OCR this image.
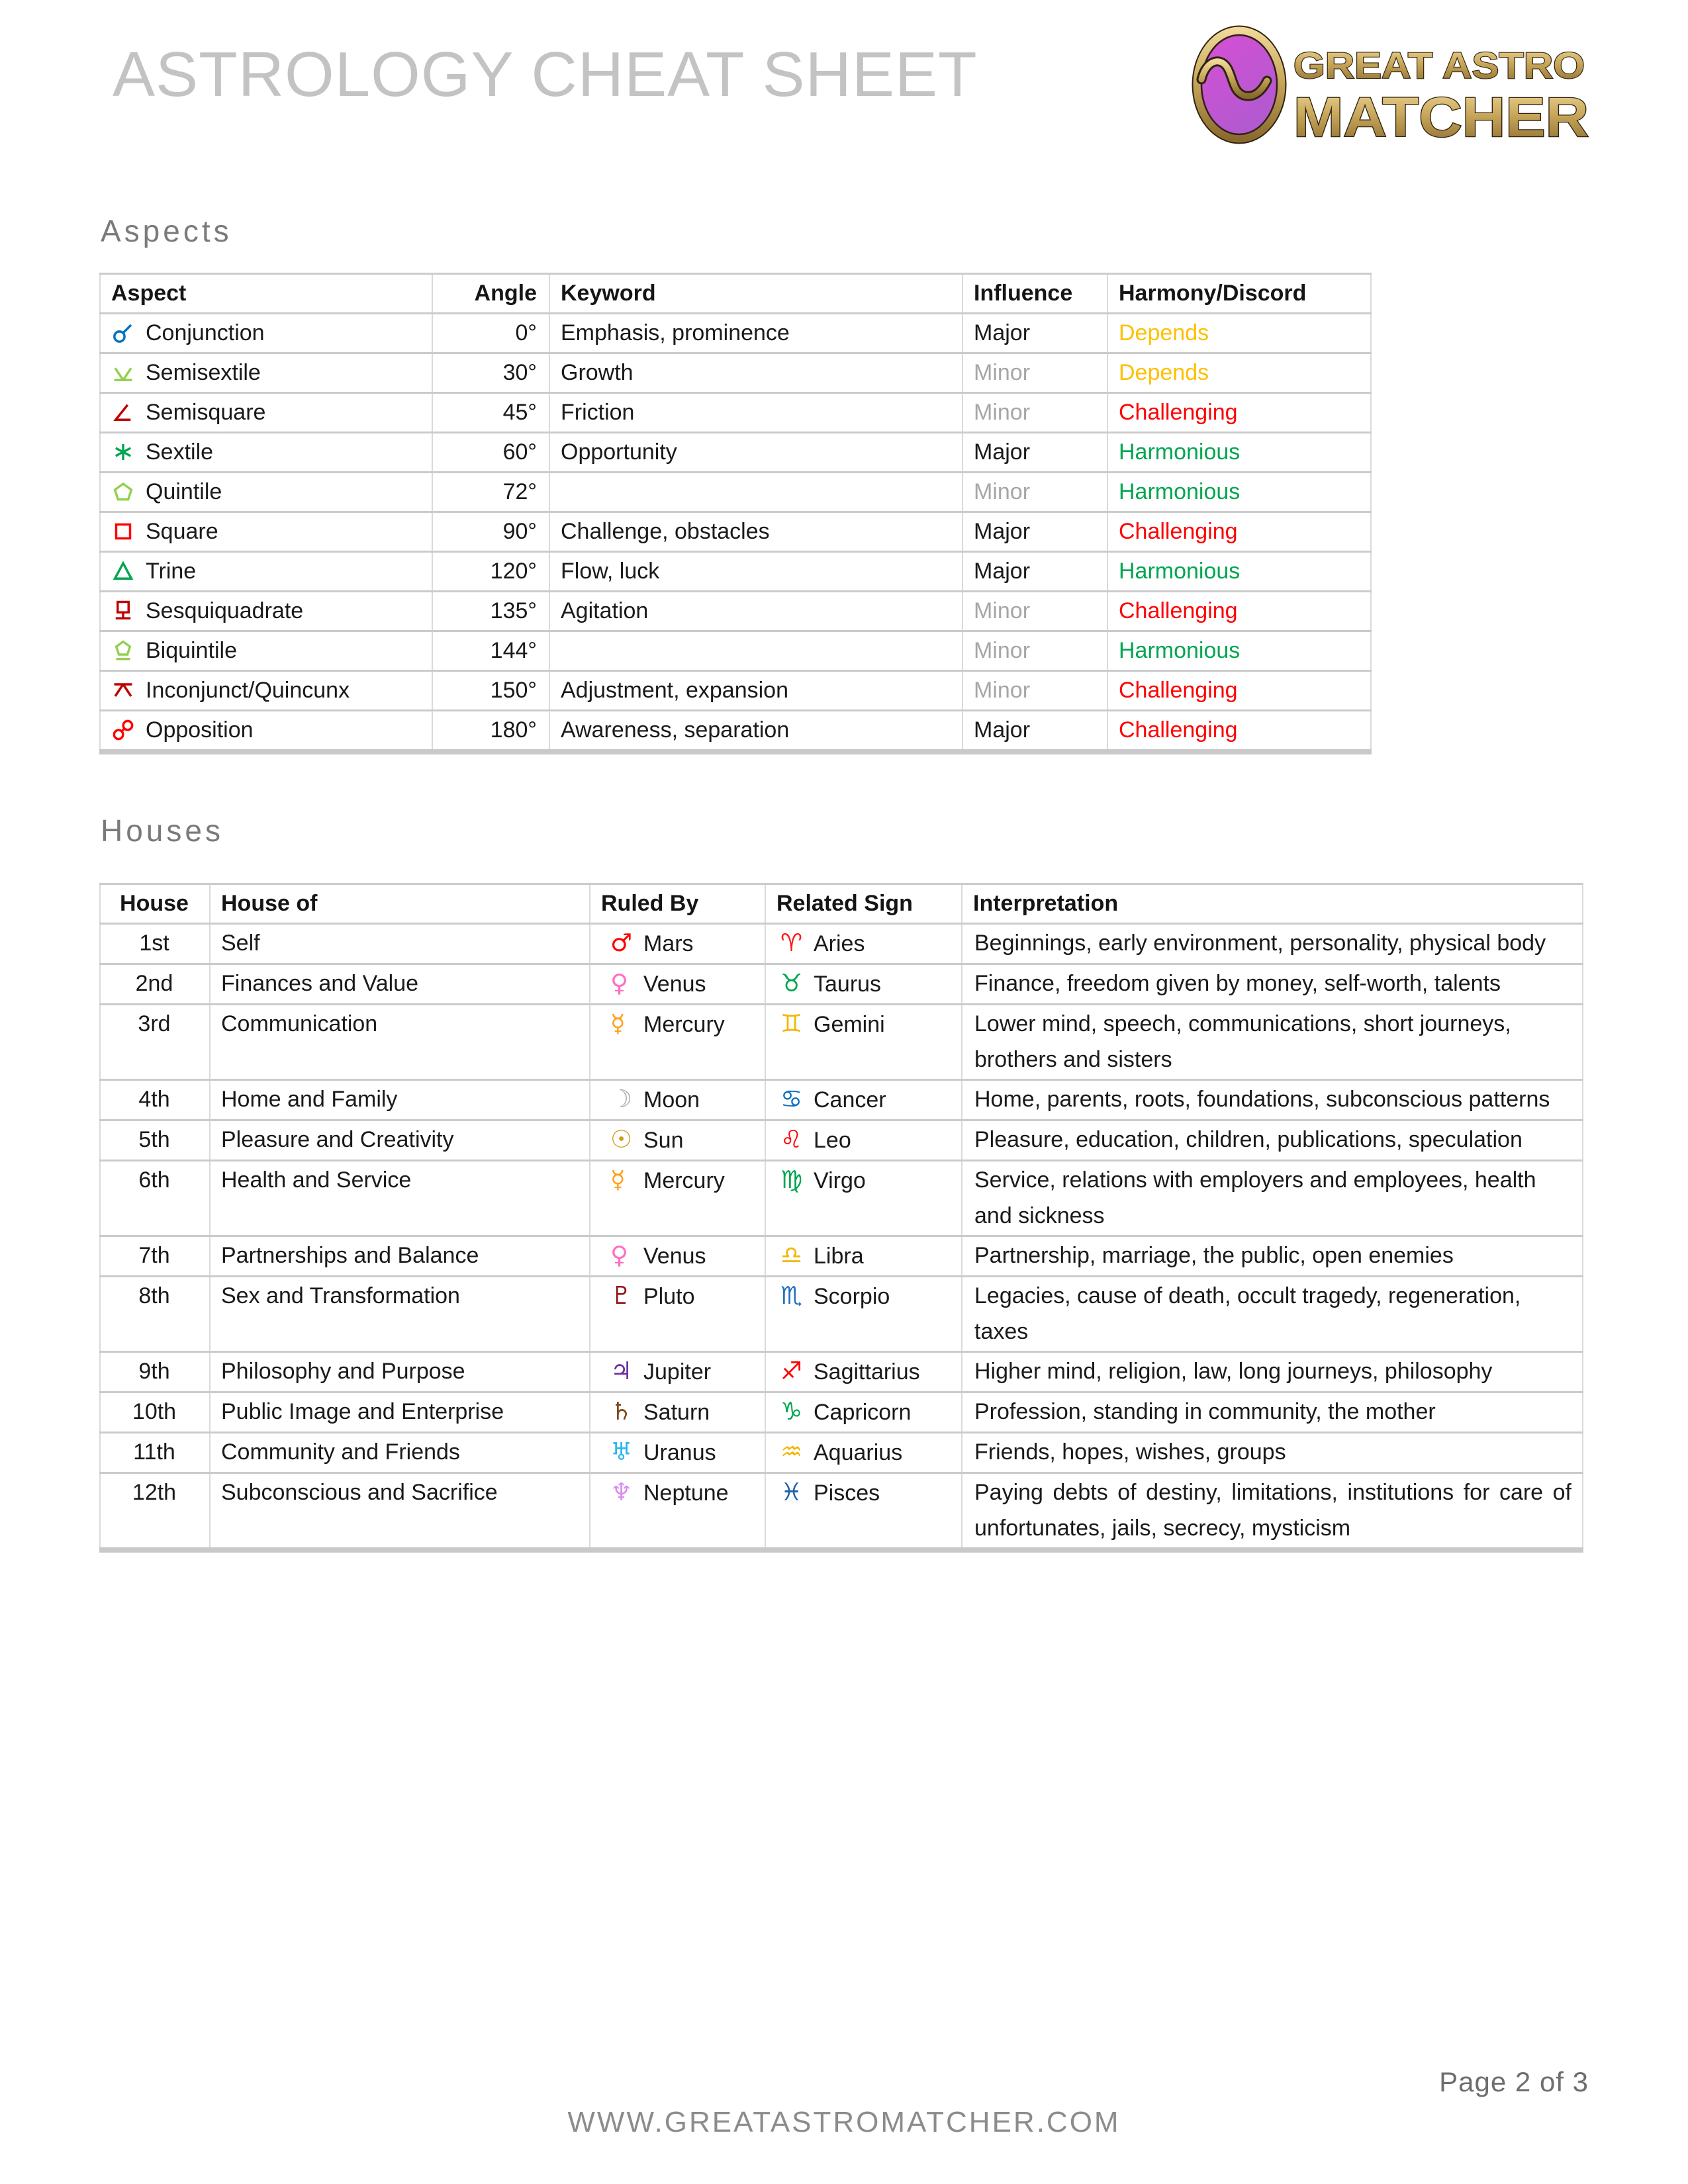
ASTROLOGY CHEAT SHEET	GREAT ASTRO
MATCHER
Aspects
Aspect	Angle	Keyword	Influence	Harmony/Discord
Conjunction	0°	Emphasis, prominence	Major	Depends
Semisextile	30°	Growth	Minor	Depends
Semisquare	45°	Friction	Minor	Challenging
Sextile	60°	Opportunity	Major	Harmonious
Quintile	72°		Minor	Harmonious
Square	90°	Challenge, obstacles	Major	Challenging
Trine	120°	Flow, luck	Major	Harmonious
Sesquiquadrate	135°	Agitation	Minor	Challenging
Biquintile	144°		Minor	Harmonious
Inconjunct/Quincunx	150°	Adjustment, expansion	Minor	Challenging
Opposition	180°	Awareness, separation	Major	Challenging
Houses
House	House of	Ruled By	Related Sign	Interpretation
1st	Self	♂ Mars	♈ Aries	Beginnings, early environment, personality, physical body
2nd	Finances and Value	♀ Venus	♉ Taurus	Finance, freedom given by money, self-worth, talents
3rd	Communication	☿ Mercury	♊ Gemini	Lower mind, speech, communications, short journeys, brothers and sisters
4th	Home and Family	☽ Moon	♋ Cancer	Home, parents, roots, foundations, subconscious patterns
5th	Pleasure and Creativity	☉ Sun	♌ Leo	Pleasure, education, children, publications, speculation
6th	Health and Service	☿ Mercury	♍ Virgo	Service, relations with employers and employees, health and sickness
7th	Partnerships and Balance	♀ Venus	♎ Libra	Partnership, marriage, the public, open enemies
8th	Sex and Transformation	♇ Pluto	♏ Scorpio	Legacies, cause of death, occult tragedy, regeneration, taxes
9th	Philosophy and Purpose	♃ Jupiter	♐ Sagittarius	Higher mind, religion, law, long journeys, philosophy
10th	Public Image and Enterprise	♄ Saturn	♑ Capricorn	Profession, standing in community, the mother
11th	Community and Friends	♅ Uranus	♒ Aquarius	Friends, hopes, wishes, groups
12th	Subconscious and Sacrifice	♆ Neptune	♓ Pisces	Paying debts of destiny, limitations, institutions for care of unfortunates, jails, secrecy, mysticism
Page 2 of 3
WWW.GREATASTROMATCHER.COM
